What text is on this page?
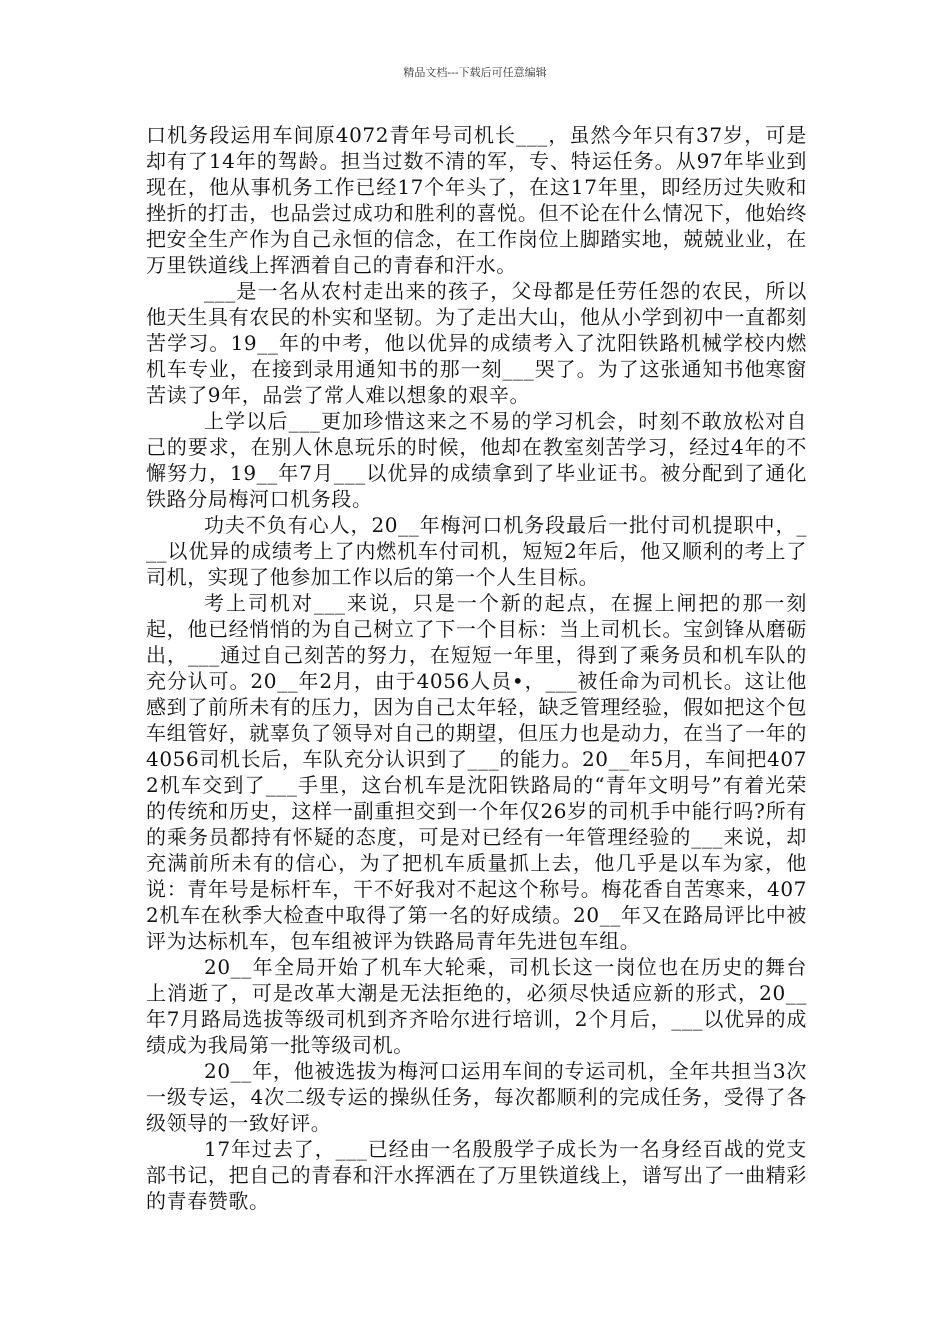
精品文档---下载后可任意编辑

口机务段运用车间原4072青年号司机长___，虽然今年只有37岁，可是却有了14年的驾龄。担当过数不清的军，专、特运任务。从97年毕业到现在，他从事机务工作已经17个年头了，在这17年里，即经历过失败和挫折的打击，也品尝过成功和胜利的喜悦。但不论在什么情况下，他始终把安全生产作为自己永恒的信念，在工作岗位上脚踏实地，兢兢业业，在万里铁道线上挥洒着自己的青春和汗水。

___是一名从农村走出来的孩子，父母都是任劳任怨的农民，所以他天生具有农民的朴实和坚韧。为了走出大山，他从小学到初中一直都刻苦学习。19__年的中考，他以优异的成绩考入了沈阳铁路机械学校内燃机车专业，在接到录用通知书的那一刻___哭了。为了这张通知书他寒窗苦读了9年，品尝了常人难以想象的艰辛。

上学以后___更加珍惜这来之不易的学习机会，时刻不敢放松对自己的要求，在别人休息玩乐的时候，他却在教室刻苦学习，经过4年的不懈努力，19__年7月___以优异的成绩拿到了毕业证书。被分配到了通化铁路分局梅河口机务段。

功夫不负有心人，20__年梅河口机务段最后一批付司机提职中，___以优异的成绩考上了内燃机车付司机，短短2年后，他又顺利的考上了司机，实现了他参加工作以后的第一个人生目标。

考上司机对___来说，只是一个新的起点，在握上闸把的那一刻起，他已经悄悄的为自己树立了下一个目标：当上司机长。宝剑锋从磨砺出，___通过自己刻苦的努力，在短短一年里，得到了乘务员和机车队的充分认可。20__年2月，由于4056人员•，___被任命为司机长。这让他感到了前所未有的压力，因为自己太年轻，缺乏管理经验，假如把这个包车组管好，就辜负了领导对自己的期望，但压力也是动力，在当了一年的4056司机长后，车队充分认识到了___的能力。20__年5月，车间把4072机车交到了___手里，这台机车是沈阳铁路局的“青年文明号”有着光荣的传统和历史，这样一副重担交到一个年仅26岁的司机手中能行吗?所有的乘务员都持有怀疑的态度，可是对已经有一年管理经验的___来说，却充满前所未有的信心，为了把机车质量抓上去，他几乎是以车为家，他说：青年号是标杆车，干不好我对不起这个称号。梅花香自苦寒来，4072机车在秋季大检查中取得了第一名的好成绩。20__年又在路局评比中被评为达标机车，包车组被评为铁路局青年先进包车组。

20__年全局开始了机车大轮乘，司机长这一岗位也在历史的舞台上消逝了，可是改革大潮是无法拒绝的，必须尽快适应新的形式，20__年7月路局选拔等级司机到齐齐哈尔进行培训，2个月后，___以优异的成绩成为我局第一批等级司机。

20__年，他被选拔为梅河口运用车间的专运司机，全年共担当3次一级专运，4次二级专运的操纵任务，每次都顺利的完成任务，受得了各级领导的一致好评。

17年过去了，___已经由一名殷殷学子成长为一名身经百战的党支部书记，把自己的青春和汗水挥洒在了万里铁道线上，谱写出了一曲精彩的青春赞歌。
